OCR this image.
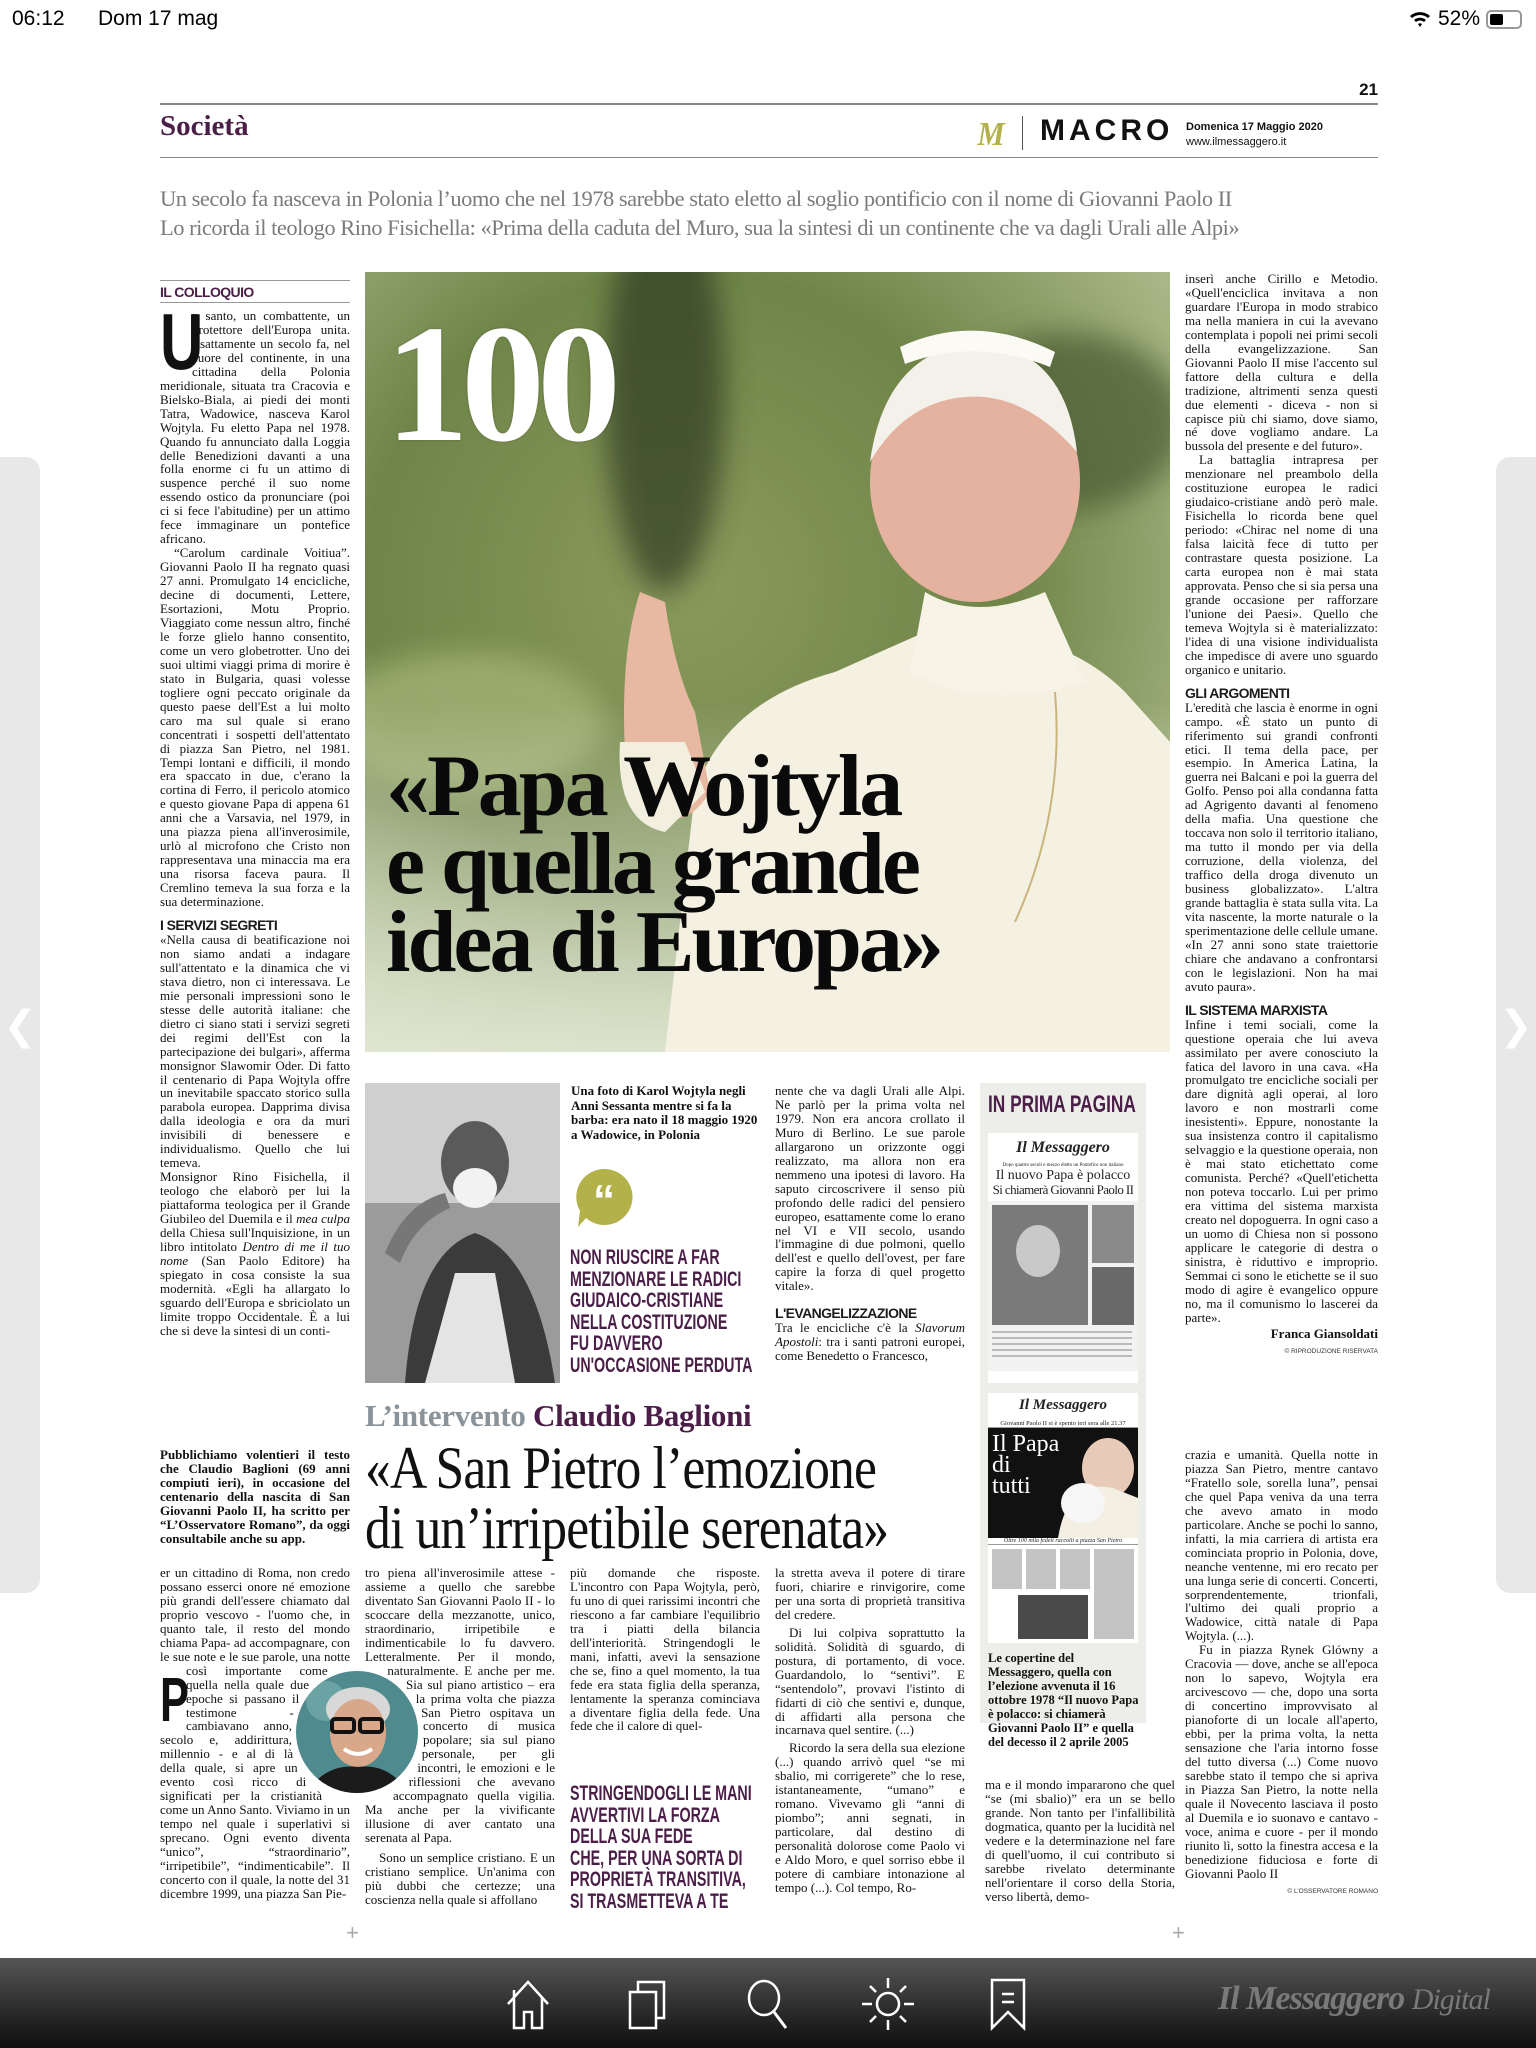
06:12 Dom 17 mag	52%
21
Società	M MACRO Domenica 17 Maggio 2020
www.ilmessaggero.it
Un secolo fa nasceva in Polonia l’uomo che nel 1978 sarebbe stato eletto al soglio pontificio con il nome di Giovanni Paolo II
Lo ricorda il teologo Rino Fisichella: «Prima della caduta del Muro, sua la sintesi di un continente che va dagli Urali alle Alpi»
IL COLLOQUIO

U
n santo, un combattente, un protettore dell'Europa unita. Esattamente un secolo fa, nel cuore del continente, in una cittadina della Polonia meridionale, situata tra Cracovia e Bielsko-Biala, ai piedi dei monti Tatra, Wadowice, nasceva Karol Wojtyla. Fu eletto Papa nel 1978. Quando fu annunciato dalla Loggia delle Benedizioni davanti a una folla enorme ci fu un attimo di suspence perché il suo nome essendo ostico da pronunciare (poi ci si fece l'abitudine) per un attimo fece immaginare un pontefice africano.

“Carolum cardinale Voitiua”. Giovanni Paolo II ha regnato quasi 27 anni. Promulgato 14 encicliche, decine di documenti, Lettere, Esortazioni, Motu Proprio. Viaggiato come nessun altro, finché le forze glielo hanno consentito, come un vero globetrotter. Uno dei suoi ultimi viaggi prima di morire è stato in Bulgaria, quasi volesse togliere ogni peccato originale da questo paese dell'Est a lui molto caro ma sul quale si erano concentrati i sospetti dell'attentato di piazza San Pietro, nel 1981. Tempi lontani e difficili, il mondo era spaccato in due, c'erano la cortina di Ferro, il pericolo atomico e questo giovane Papa di appena 61 anni che a Varsavia, nel 1979, in una piazza piena all'inverosimile, urlò al microfono che Cristo non rappresentava una minaccia ma era una risorsa faceva paura. Il Cremlino temeva la sua forza e la sua determinazione.

I SERVIZI SEGRETI

«Nella causa di beatificazione noi non siamo andati a indagare sull'attentato e la dinamica che vi stava dietro, non ci interessava. Le mie personali impressioni sono le stesse delle autorità italiane: che dietro ci siano stati i servizi segreti dei regimi dell'Est con la partecipazione dei bulgari», afferma monsignor Slawomir Oder. Di fatto il centenario di Papa Wojtyla offre un inevitabile spaccato storico sulla parabola europea. Dapprima divisa dalla ideologia e ora da muri invisibili di benessere e individualismo. Quello che lui temeva.

Monsignor Rino Fisichella, il teologo che elaborò per lui la piattaforma teologica per il Grande Giubileo del Duemila e il mea culpa della Chiesa sull'Inquisizione, in un libro intitolato Dentro di me il tuo nome (San Paolo Editore) ha spiegato in cosa consiste la sua modernità. «Egli ha allargato lo sguardo dell'Europa e sbriciolato un limite troppo Occidentale. È a lui che si deve la sintesi di un conti-

100
«Papa Wojtyla
e quella grande
idea di Europa»
Una foto di Karol Wojtyla negli Anni Sessanta mentre si fa la barba: era nato il 18 maggio 1920 a Wadowice, in Polonia
“
NON RIUSCIRE A FAR
MENZIONARE LE RADICI
GIUDAICO-CRISTIANE
NELLA COSTITUZIONE
FU DAVVERO
UN'OCCASIONE PERDUTA

nente che va dagli Urali alle Alpi. Ne parlò per la prima volta nel 1979. Non era ancora crollato il Muro di Berlino. Le sue parole allargarono un orizzonte oggi realizzato, ma allora non era nemmeno una ipotesi di lavoro. Ha saputo circoscrivere il senso più profondo delle radici del pensiero europeo, esattamente come lo erano nel VI e VII secolo, usando l'immagine di due polmoni, quello dell'est e quello dell'ovest, per fare capire la forza di quel progetto vitale».

L'EVANGELIZZAZIONE

Tra le encicliche c'è la Slavorum Apostoli: tra i santi patroni europei, come Benedetto o Francesco,

inserì anche Cirillo e Metodio. «Quell'enciclica invitava a non guardare l'Europa in modo strabico ma nella maniera in cui la avevano contemplata i popoli nei primi secoli della evangelizzazione. San Giovanni Paolo II mise l'accento sul fattore della cultura e della tradizione, altrimenti senza questi due elementi - diceva - non si capisce più chi siamo, dove siamo, né dove vogliamo andare. La bussola del presente e del futuro».

La battaglia intrapresa per menzionare nel preambolo della costituzione europea le radici giudaico-cristiane andò però male. Fisichella lo ricorda bene quel periodo: «Chirac nel nome di una falsa laicità fece di tutto per contrastare questa posizione. La carta europea non è mai stata approvata. Penso che si sia persa una grande occasione per rafforzare l'unione dei Paesi». Quello che temeva Wojtyla si è materializzato: l'idea di una visione individualista che impedisce di avere uno sguardo organico e unitario.

GLI ARGOMENTI

L'eredità che lascia è enorme in ogni campo. «È stato un punto di riferimento sui grandi confronti etici. Il tema della pace, per esempio. In America Latina, la guerra nei Balcani e poi la guerra del Golfo. Penso poi alla condanna fatta ad Agrigento davanti al fenomeno della mafia. Una questione che toccava non solo il territorio italiano, ma tutto il mondo per via della corruzione, della violenza, del traffico della droga divenuto un business globalizzato». L'altra grande battaglia è stata sulla vita. La vita nascente, la morte naturale o la sperimentazione delle cellule umane. «In 27 anni sono state traiettorie chiare che andavano a confrontarsi con le legislazioni. Non ha mai avuto paura».

IL SISTEMA MARXISTA

Infine i temi sociali, come la questione operaia che lui aveva assimilato per avere conosciuto la fatica del lavoro in una cava. «Ha promulgato tre encicliche sociali per dare dignità agli operai, al loro lavoro e non mostrarli come inesistenti». Eppure, nonostante la sua insistenza contro il capitalismo selvaggio e la questione operaia, non è mai stato etichettato come comunista. Perché? «Quell'etichetta non poteva toccarlo. Lui per primo era vittima del sistema marxista creato nel dopoguerra. In ogni caso a un uomo di Chiesa non si possono applicare le categorie di destra o sinistra, è riduttivo e improprio. Semmai ci sono le etichette se il suo modo di agire è evangelico oppure no, ma il comunismo lo lascerei da parte».

Franca Giansoldati
© RIPRODUZIONE RISERVATA
IN PRIMA PAGINA
Il Messaggero
Dopo quattro secoli e mezzo eletto un Pontefice non italiano
Il nuovo Papa è polacco
Si chiamerà Giovanni Paolo II
Il Messaggero
Giovanni Paolo II si è spento ieri sera alle 21.37
Il Papa
di
tutti
Oltre 100 mila fedeli raccolti a piazza San Pietro
Le copertine del Messaggero, quella con l’elezione avvenuta il 16 ottobre 1978 “Il nuovo Papa è polacco: si chiamerà Giovanni Paolo II” e quella del decesso il 2 aprile 2005
L’intervento Claudio Baglioni
Pubblichiamo volentieri il testo che Claudio Baglioni (69 anni compiuti ieri), in occasione del centenario della nascita di San Giovanni Paolo II, ha scritto per “L’Osservatore Romano”, da oggi consultabile anche su app.
«A San Pietro l’emozione
di un’irripetibile serenata»

P
er un cittadino di Roma, non credo possano esserci onore né emozione più grandi dell'essere chiamato dal proprio vescovo - l'uomo che, in quanto tale, il resto del mondo chiama Papa- ad accompagnare, con le sue note e le sue parole, una notte così importante come quella nella quale due epoche si passano il testimone - cambiavano anno, secolo e, addirittura, millennio - e al di là della quale, si apre un evento così ricco di significati per la cristianità come un Anno Santo. Viviamo in un tempo nel quale i superlativi si sprecano. Ogni evento diventa “unico”, “straordinario”, “irripetibile”, “indimenticabile”. Il concerto con il quale, la notte del 31 dicembre 1999, una piazza San Pie-

tro piena all'inverosimile attese - assieme a quello che sarebbe diventato San Giovanni Paolo II - lo scoccare della mezzanotte, unico, straordinario, irripetibile e indimenticabile lo fu davvero. Letteralmente. Per il mondo, naturalmente. E anche per me. Sia sul piano artistico – era la prima volta che piazza San Pietro ospitava un concerto di musica popolare; sia sul piano personale, per gli incontri, le emozioni e le riflessioni che avevano accompagnato quella vigilia. Ma anche per la vivificante illusione di aver cantato una serenata al Papa.

Sono un semplice cristiano. E un cristiano semplice. Un'anima con più dubbi che certezze; una coscienza nella quale si affollano

più domande che risposte. L'incontro con Papa Wojtyla, però, fu uno di quei rarissimi incontri che riescono a far cambiare l'equilibrio tra i piatti della bilancia dell'interiorità. Stringendogli le mani, infatti, avevi la sensazione che se, fino a quel momento, la tua fede era stata figlia della speranza, lentamente la speranza cominciava a diventare figlia della fede. Una fede che il calore di quel-

STRINGENDOGLI LE MANI
AVVERTIVI LA FORZA
DELLA SUA FEDE
CHE, PER UNA SORTA DI
PROPRIETÀ TRANSITIVA,
SI TRASMETTEVA A TE

la stretta aveva il potere di tirare fuori, chiarire e rinvigorire, come per una sorta di proprietà transitiva del credere.

Di lui colpiva soprattutto la solidità. Solidità di sguardo, di postura, di portamento, di voce. Guardandolo, lo “sentivi”. E “sentendolo”, provavi l'istinto di fidarti di ciò che sentivi e, dunque, di affidarti alla persona che incarnava quel sentire. (...)

Ricordo la sera della sua elezione (...) quando arrivò quel “se mi sbalio, mi corrigerete” che lo rese, istantaneamente, “umano” e romano. Vivevamo gli “anni di piombo”; anni segnati, in particolare, dal destino di personalità dolorose come Paolo vi e Aldo Moro, e quel sorriso ebbe il potere di cambiare intonazione al tempo (...). Col tempo, Ro-

ma e il mondo impararono che quel “se (mi sbalio)” era un se bello grande. Non tanto per l'infallibilità dogmatica, quanto per la lucidità nel vedere e la determinazione nel fare di quell'uomo, il cui contributo si sarebbe rivelato determinante nell'orientare il corso della Storia, verso libertà, demo-

crazia e umanità. Quella notte in piazza San Pietro, mentre cantavo “Fratello sole, sorella luna”, pensai che quel Papa veniva da una terra che avevo amato in modo particolare. Anche se pochi lo sanno, infatti, la mia carriera di artista era cominciata proprio in Polonia, dove, neanche ventenne, mi ero recato per una lunga serie di concerti. Concerti, sorprendentemente, trionfali, l'ultimo dei quali proprio a Wadowice, città natale di Papa Wojtyla. (...).

Fu in piazza Rynek Glówny a Cracovia — dove, anche se all'epoca non lo sapevo, Wojtyla era arcivescovo — che, dopo una sorta di concertino improvvisato al pianoforte di un locale all'aperto, ebbi, per la prima volta, la netta sensazione che l'aria intorno fosse del tutto diversa (...) Come nuovo sarebbe stato il tempo che si apriva in Piazza San Pietro, la notte nella quale il Novecento lasciava il posto al Duemila e io suonavo e cantavo - voce, anima e cuore - per il mondo riunito lì, sotto la finestra accesa e la benedizione fiduciosa e forte di Giovanni Paolo II

© L’OSSERVATORE ROMANO
+	+
❮	❯
Il Messaggero Digital
